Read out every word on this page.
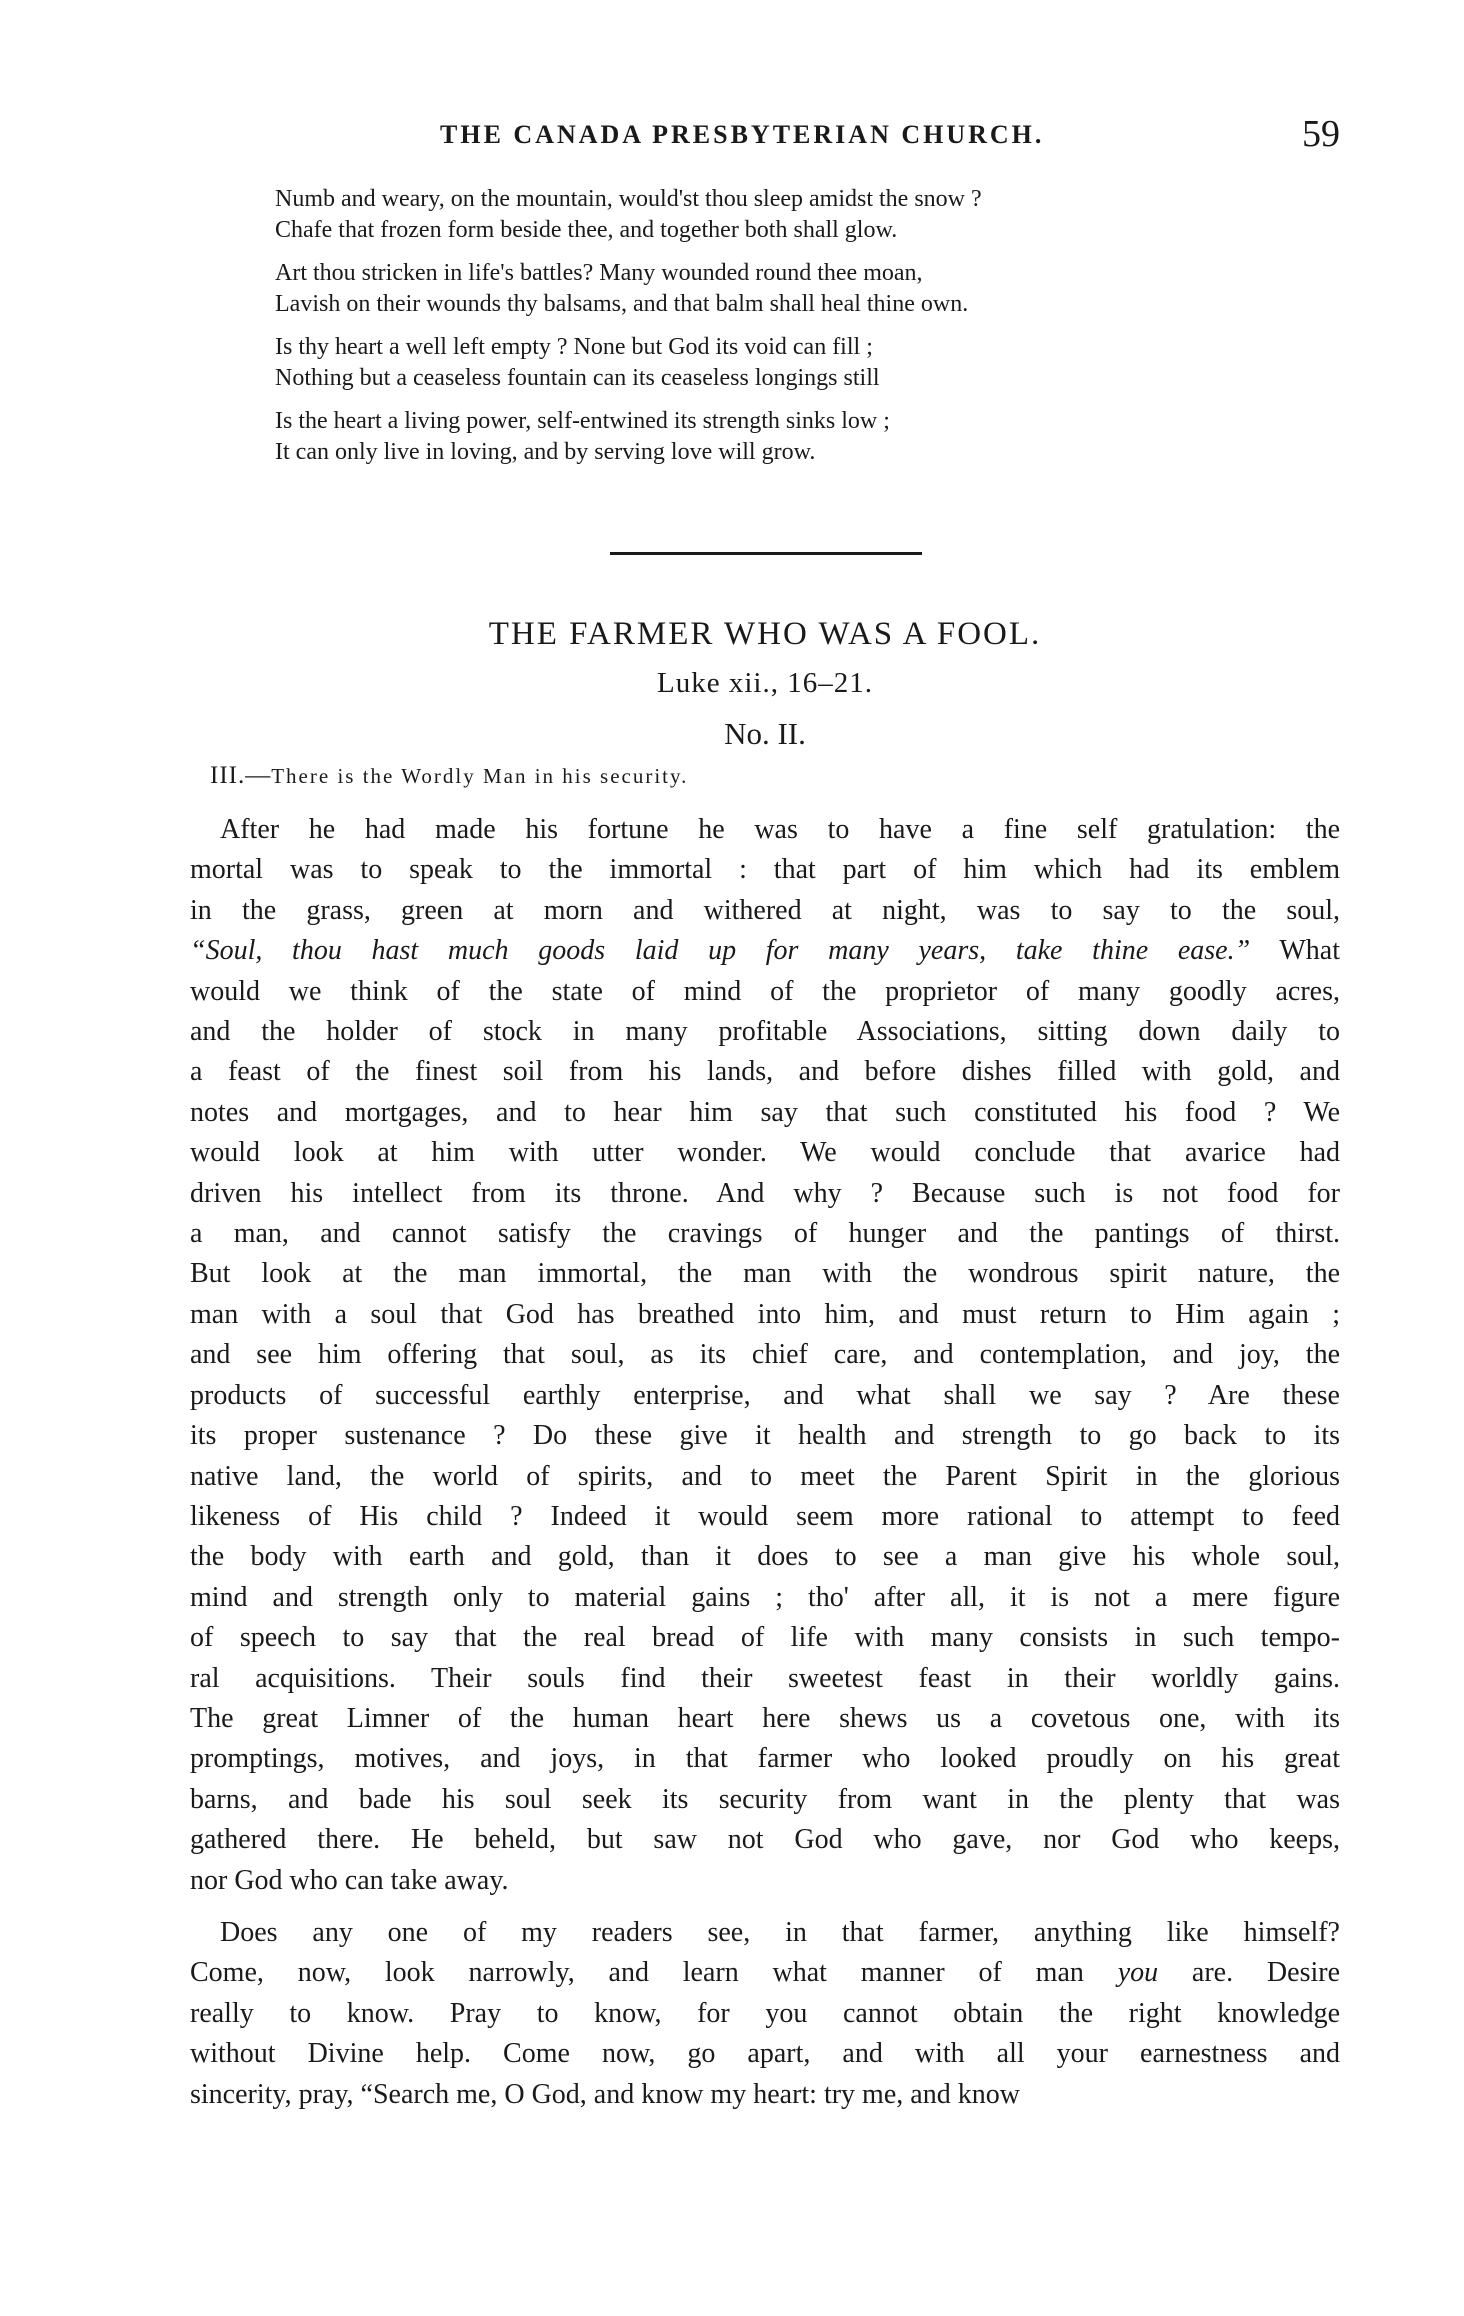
THE CANADA PRESBYTERIAN CHURCH.	59
Numb and weary, on the mountain, would'st thou sleep amidst the snow ?
Chafe that frozen form beside thee, and together both shall glow.
Art thou stricken in life's battles? Many wounded round thee moan,
Lavish on their wounds thy balsams, and that balm shall heal thine own.
Is thy heart a well left empty ? None but God its void can fill ;
Nothing but a ceaseless fountain can its ceaseless longings still
Is the heart a living power, self-entwined its strength sinks low ;
It can only live in loving, and by serving love will grow.
THE FARMER WHO WAS A FOOL.
Luke xii., 16–21.
No. II.
III.—There is the Wordly Man in his security.
After he had made his fortune he was to have a fine self gratulation: the
mortal was to speak to the immortal : that part of him which had its emblem
in the grass, green at morn and withered at night, was to say to the soul,
“Soul, thou hast much goods laid up for many years, take thine ease.” What
would we think of the state of mind of the proprietor of many goodly acres,
and the holder of stock in many profitable Associations, sitting down daily to
a feast of the finest soil from his lands, and before dishes filled with gold, and
notes and mortgages, and to hear him say that such constituted his food ? We
would look at him with utter wonder. We would conclude that avarice had
driven his intellect from its throne. And why ? Because such is not food for
a man, and cannot satisfy the cravings of hunger and the pantings of thirst.
But look at the man immortal, the man with the wondrous spirit nature, the
man with a soul that God has breathed into him, and must return to Him again ;
and see him offering that soul, as its chief care, and contemplation, and joy, the
products of successful earthly enterprise, and what shall we say ? Are these
its proper sustenance ? Do these give it health and strength to go back to its
native land, the world of spirits, and to meet the Parent Spirit in the glorious
likeness of His child ? Indeed it would seem more rational to attempt to feed
the body with earth and gold, than it does to see a man give his whole soul,
mind and strength only to material gains ; tho' after all, it is not a mere figure
of speech to say that the real bread of life with many consists in such tempo-
ral acquisitions. Their souls find their sweetest feast in their worldly gains.
The great Limner of the human heart here shews us a covetous one, with its
promptings, motives, and joys, in that farmer who looked proudly on his great
barns, and bade his soul seek its security from want in the plenty that was
gathered there. He beheld, but saw not God who gave, nor God who keeps,
nor God who can take away.
Does any one of my readers see, in that farmer, anything like himself?
Come, now, look narrowly, and learn what manner of man you are. Desire
really to know. Pray to know, for you cannot obtain the right knowledge
without Divine help. Come now, go apart, and with all your earnestness and
sincerity, pray, “Search me, O God, and know my heart: try me, and know
